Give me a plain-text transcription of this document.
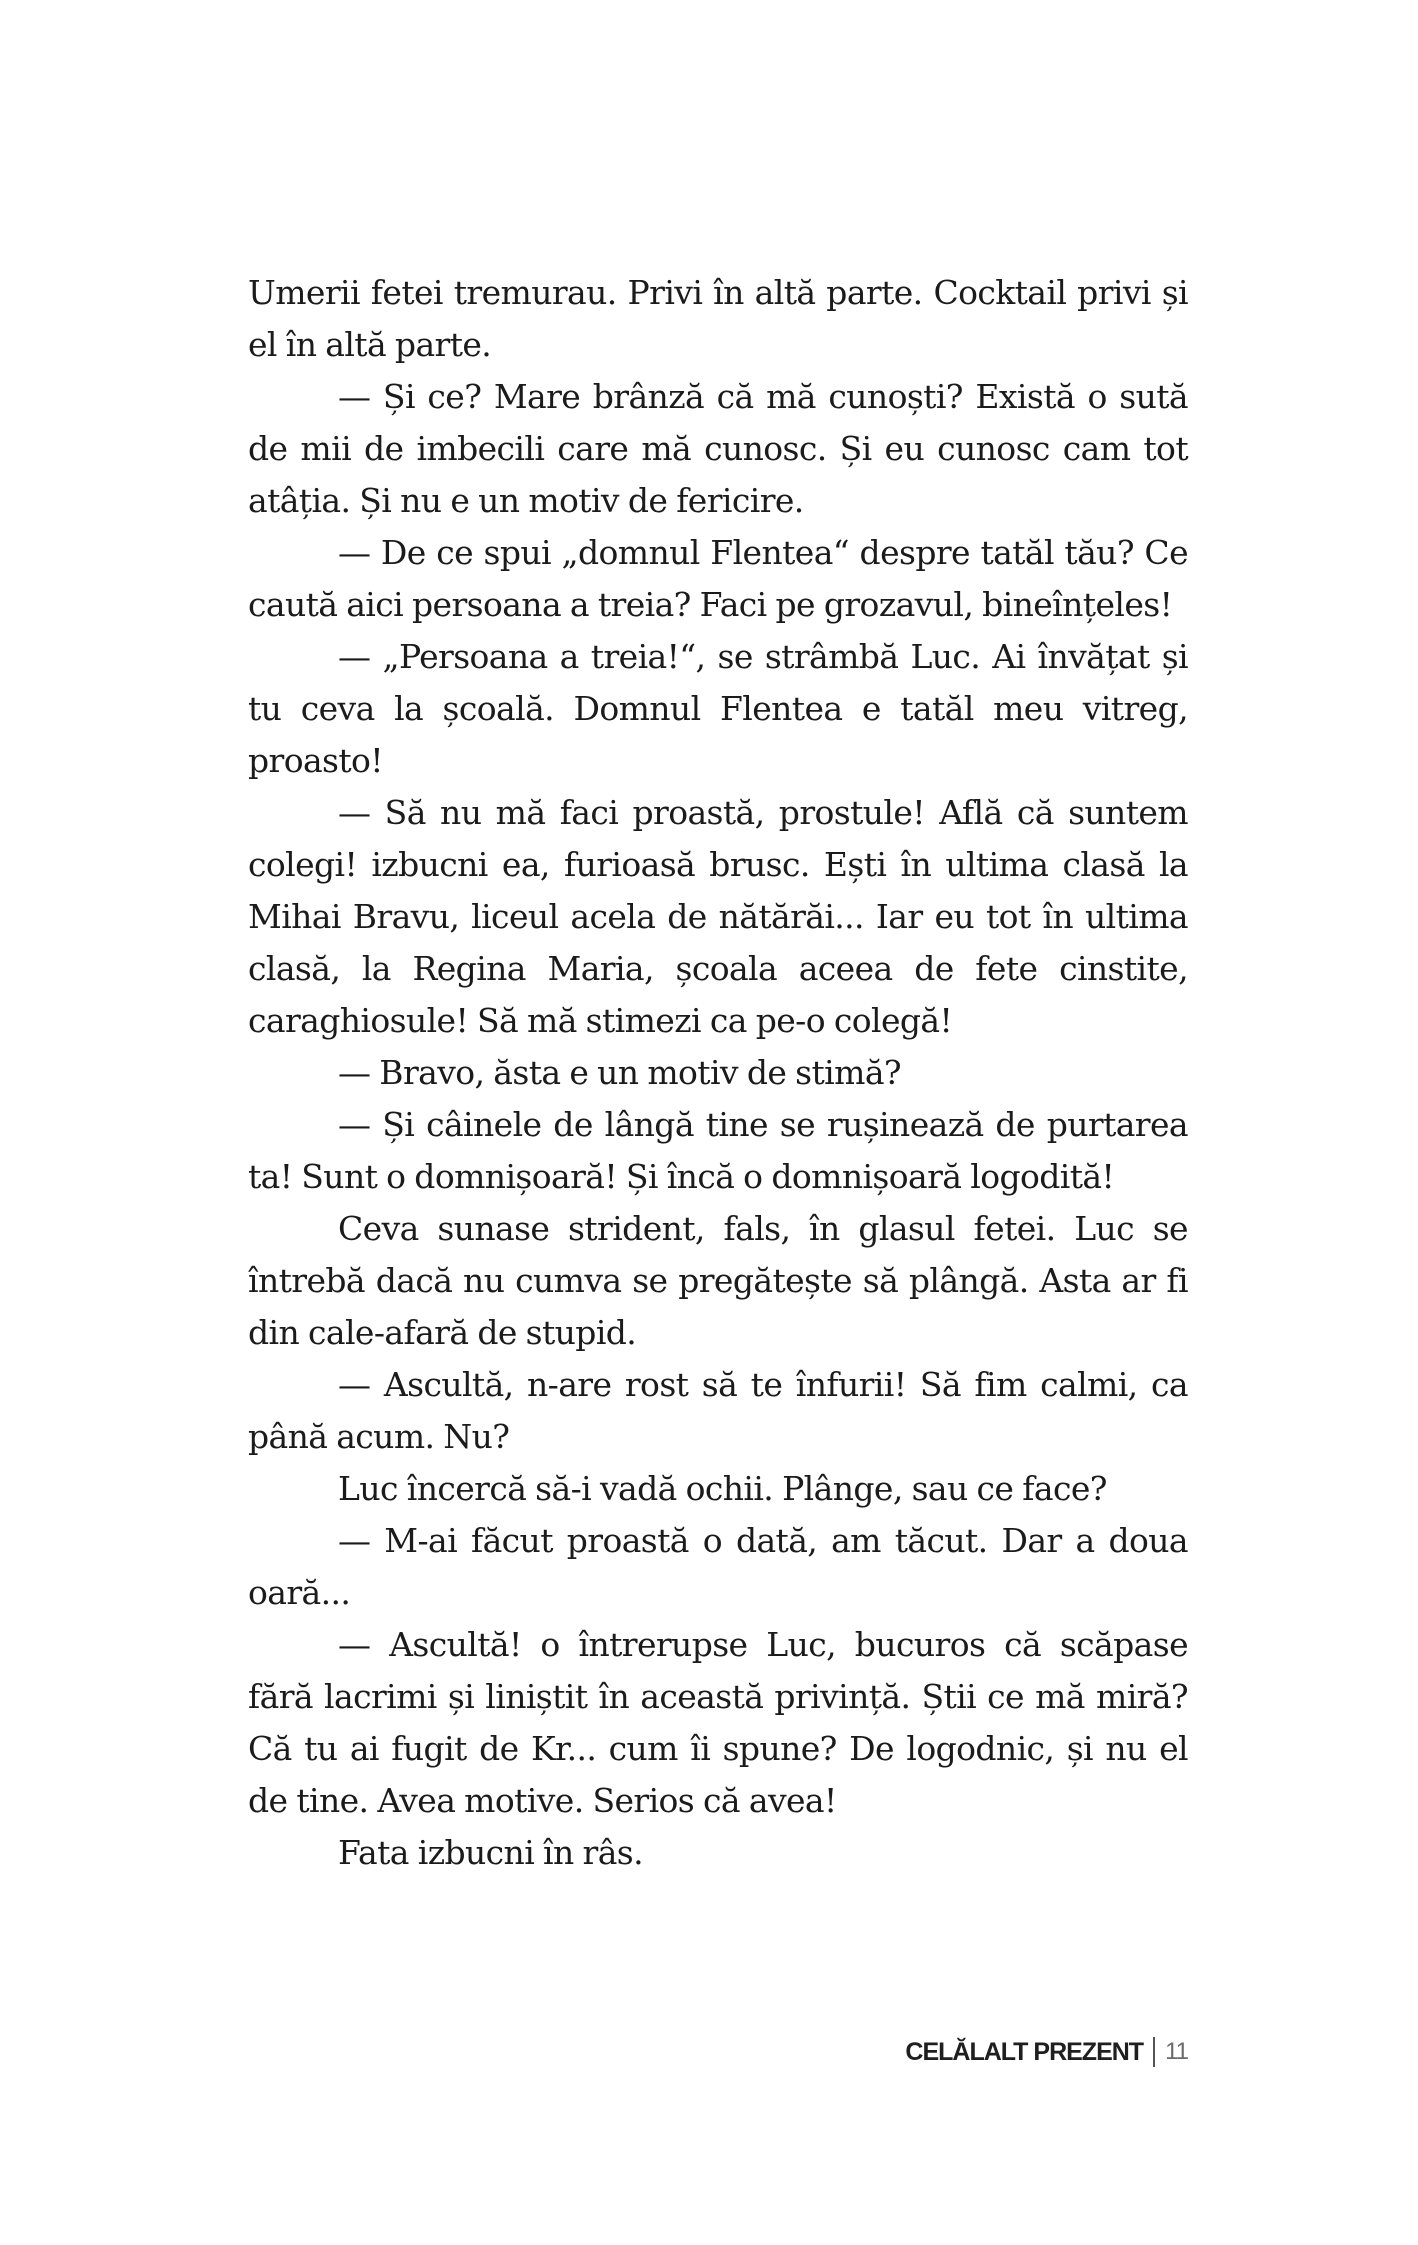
Umerii fetei tremurau. Privi în altă parte. Cocktail privi și el în altă parte.

— Și ce? Mare brânză că mă cunoști? Există o sută de mii de imbecili care mă cunosc. Și eu cunosc cam tot atâția. Și nu e un motiv de fericire.

— De ce spui „domnul Flentea“ despre tatăl tău? Ce caută aici persoana a treia? Faci pe grozavul, bineînțeles!

— „Persoana a treia!“, se strâmbă Luc. Ai învățat și tu ceva la școală. Domnul Flentea e tatăl meu vitreg, proasto!

— Să nu mă faci proastă, prostule! Află că suntem colegi! izbucni ea, furioasă brusc. Ești în ultima clasă la Mihai Bravu, liceul acela de nătărăi... Iar eu tot în ultima clasă, la Regina Maria, școala aceea de fete cinstite, caraghiosule! Să mă stimezi ca pe-o colegă!

— Bravo, ăsta e un motiv de stimă?

— Și câinele de lângă tine se rușinează de purtarea ta! Sunt o domnișoară! Și încă o domnișoară logodită!

Ceva sunase strident, fals, în glasul fetei. Luc se întrebă dacă nu cumva se pregătește să plângă. Asta ar fi din cale-afară de stupid.

— Ascultă, n-are rost să te înfurii! Să fim calmi, ca până acum. Nu?

Luc încercă să-i vadă ochii. Plânge, sau ce face?

— M-ai făcut proastă o dată, am tăcut. Dar a doua oară...

— Ascultă! o întrerupse Luc, bucuros că scăpase fără lacrimi și liniștit în această privință. Știi ce mă miră? Că tu ai fugit de Kr... cum îi spune? De logodnic, și nu el de tine. Avea motive. Serios că avea!

Fata izbucni în râs.

CELĂLALT PREZENT 11
